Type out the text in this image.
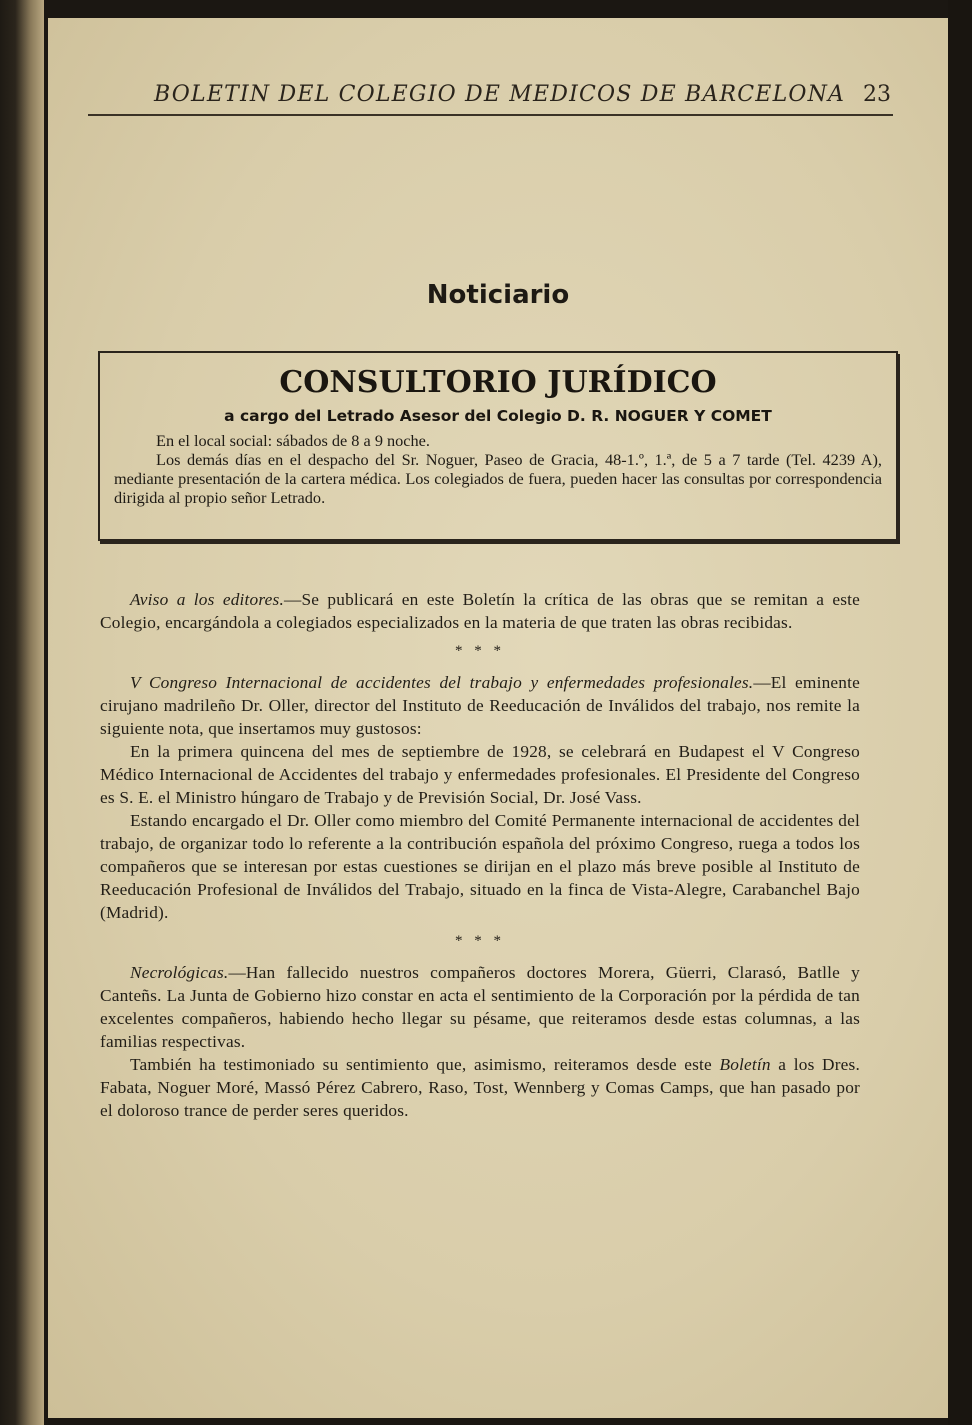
BOLETIN DEL COLEGIO DE MEDICOS DE BARCELONA 23
Noticiario
CONSULTORIO JURÍDICO
a cargo del Letrado Asesor del Colegio D. R. NOGUER Y COMET

En el local social: sábados de 8 a 9 noche.

Los demás días en el despacho del Sr. Noguer, Paseo de Gracia, 48-1.º, 1.ª, de 5 a 7 tarde (Tel. 4239 A), mediante presentación de la cartera médica. Los colegiados de fuera, pueden hacer las consultas por correspondencia dirigida al propio señor Letrado.

Aviso a los editores.—Se publicará en este Boletín la crítica de las obras que se remitan a este Colegio, encargándola a colegiados especializados en la materia de que traten las obras recibidas.

* * *

V Congreso Internacional de accidentes del trabajo y enfermedades profesionales.—El eminente cirujano madrileño Dr. Oller, director del Instituto de Reeducación de Inválidos del trabajo, nos remite la siguiente nota, que insertamos muy gustosos:

En la primera quincena del mes de septiembre de 1928, se celebrará en Budapest el V Congreso Médico Internacional de Accidentes del trabajo y enfermedades profesionales. El Presidente del Congreso es S. E. el Ministro húngaro de Trabajo y de Previsión Social, Dr. José Vass.

Estando encargado el Dr. Oller como miembro del Comité Permanente internacional de accidentes del trabajo, de organizar todo lo referente a la contribución española del próximo Congreso, ruega a todos los compañeros que se interesan por estas cuestiones se dirijan en el plazo más breve posible al Instituto de Reeducación Profesional de Inválidos del Trabajo, situado en la finca de Vista-Alegre, Carabanchel Bajo (Madrid).

* * *

Necrológicas.—Han fallecido nuestros compañeros doctores Morera, Güerri, Clarasó, Batlle y Canteñs. La Junta de Gobierno hizo constar en acta el sentimiento de la Corporación por la pérdida de tan excelentes compañeros, habiendo hecho llegar su pésame, que reiteramos desde estas columnas, a las familias respectivas.

También ha testimoniado su sentimiento que, asimismo, reiteramos desde este Boletín a los Dres. Fabata, Noguer Moré, Massó Pérez Cabrero, Raso, Tost, Wennberg y Comas Camps, que han pasado por el doloroso trance de perder seres queridos.
